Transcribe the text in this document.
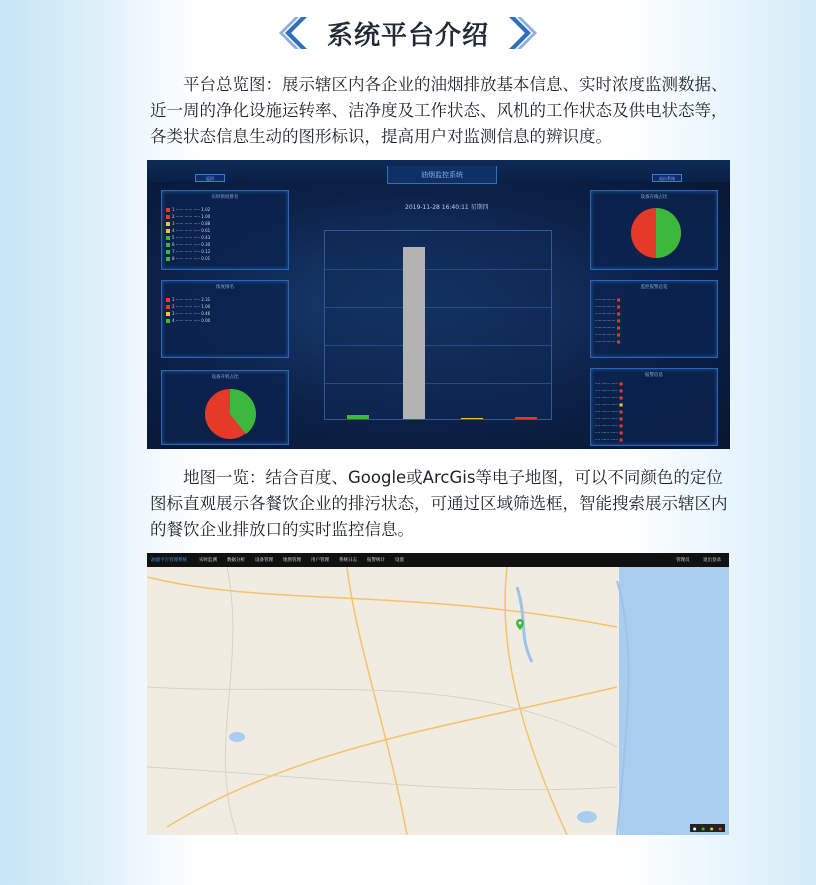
系统平台介绍

平台总览图：展示辖区内各企业的油烟排放基本信息、实时浓度监测数据、近一周的净化设施运转率、洁净度及工作状态、风机的工作状态及供电状态等，各类状态信息生动的图形标识，提高用户对监测信息的辨识度。

油烟监控系统
返回	退出系统
2019-11-28 16:40:11 星期四
实时浓度排名
1 ······ ······ ····· 1.02
2 ······ ······ ····· 1.00
3 ······ ······ ····· 0.88
4 ······ ······ ····· 0.61
5 ······ ······ ····· 0.43
6 ······ ······ ····· 0.30
7 ······ ······ ····· 0.12
8 ······ ······ ····· 0.01
浓度排名
1 ······ ······ ····· 2.31
2 ······ ······ ····· 1.00
3 ······ ······ ····· 0.46
4 ······ ······ ····· 0.00
设备开机占比
设备在线占比
监控报警总览
················ ■
················ ■
················ ■
················ ■
················ ■
················ ■
················ ■
报警信息
···· ······ ······ ■
···· ······ ······ ■
···· ······ ······ ■
···· ······ ······ ■
···· ······ ······ ■
···· ······ ······ ■
···· ······ ······ ■
···· ······ ······ ■
···· ······ ······ ■

地图一览：结合百度、Google或ArcGis等电子地图，可以不同颜色的定位图标直观展示各餐饮企业的排污状态，可通过区域筛选框，智能搜索展示辖区内的餐饮企业排放口的实时监控信息。

油烟平台管理系统	实时监测 数据分析 设备管理 地图管理 用户管理 系统日志 报警统计 设置	管理员	退出登录
● ● ● ●
